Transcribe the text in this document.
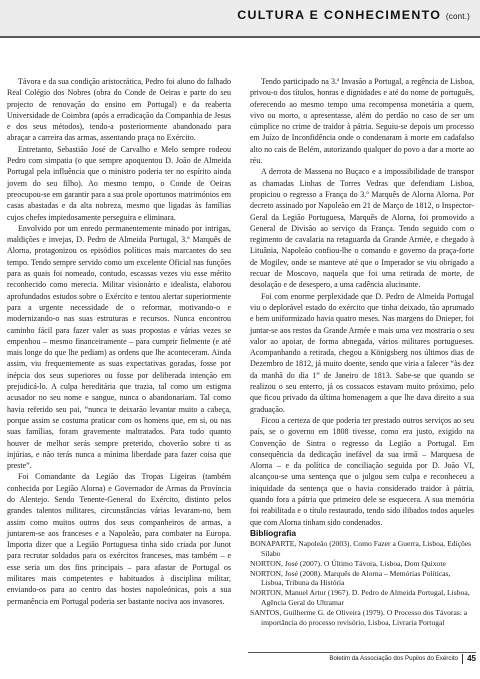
CULTURA E CONHECIMENTO (cont.)

Távora e da sua condição aristocrática, Pedro foi aluno do falhado Real Colégio dos Nobres (obra do Conde de Oeiras e parte do seu projecto de renovação do ensino em Portugal) e da reaberta Universidade de Coimbra (após a erradicação da Companhia de Jesus e dos seus métodos), tendo-a posteriormente abandonado para abraçar a carreira das armas, assentando praça no Exército.

Entretanto, Sebastião José de Carvalho e Melo sempre rodeou Pedro com simpatia (o que sempre apoquentou D. João de Almeida Portugal pela influência que o ministro poderia ter no espírito ainda jovem do seu filho). Ao mesmo tempo, o Conde de Oeiras preocupou-se em garantir para a sua prole oportunos matrimónios em casas abastadas e da alta nobreza, mesmo que ligadas às famílias cujos chefes impiedosamente perseguira e eliminara.

Envolvido por um enredo permanentemente minado por intrigas, maldições e invejas, D. Pedro de Almeida Portugal, 3.º Marquês de Alorna, protagonizou os episódios políticos mais marcantes do seu tempo. Tendo sempre servido como um excelente Oficial nas funções para as quais foi nomeado, contudo, escassas vezes viu esse mérito reconhecido como merecia. Militar visionário e idealista, elaborou aprofundados estudos sobre o Exército e tentou alertar superiormente para a urgente necessidade de o reformar, motivando-o e modernizando-o nas suas estruturas e recursos. Nunca encontrou caminho fácil para fazer valer as suas propostas e várias vezes se empenhou – mesmo financeiramente – para cumprir fielmente (e até mais longe do que lhe pediam) as ordens que lhe aconteceram. Ainda assim, viu frequentemente as suas expectativas goradas, fosse por inépcia dos seus superiores ou fosse por deliberada intenção em prejudicá-lo. A culpa hereditária que trazia, tal como um estigma acusador no seu nome e sangue, nunca o abandonariam. Tal como havia referido seu pai, “nunca te deixarão levantar muito a cabeça, porque assim se costuma praticar com os homens que, em si, ou nas suas famílias, foram gravemente maltratados. Para tudo quanto houver de melhor serás sempre preterido, choverão sobre ti as injúrias, e não terás nunca a mínima liberdade para fazer coisa que preste”.

Foi Comandante da Legião das Tropas Ligeiras (também conhecida por Legião Alorna) e Governador de Armas da Província do Alentejo. Sendo Tenente-General do Exército, distinto pelos grandes talentos militares, circunstâncias várias levaram-no, bem assim como muitos outros dos seus companheiros de armas, a juntarem-se aos franceses e a Napoleão, para combater na Europa. Importa dizer que a Legião Portuguesa tinha sido criada por Junot para recrutar soldados para os exércitos franceses, mas também – e esse seria um dos fins principais – para afastar de Portugal os militares mais competentes e habituados à disciplina militar, enviando-os para ao centro das hostes napoleónicas, pois a sua permanência em Portugal poderia ser bastante nociva aos invasores.

Tendo participado na 3.ª Invasão a Portugal, a regência de Lisboa, privou-o dos títulos, honras e dignidades e até do nome de português, oferecendo ao mesmo tempo uma recompensa monetária a quem, vivo ou morto, o apresentasse, além do perdão no caso de ser um cúmplice no crime de traidor à pátria. Seguiu-se depois um processo em Juízo de Inconfidência onde o condenaram à morte em cadafalso alto no cais de Belém, autorizando qualquer do povo a dar a morte ao réu.

A derrota de Massena no Buçaco e a impossibilidade de transpor as chamadas Linhas de Torres Vedras que defendiam Lisboa, propiciou o regresso a França do 3.º Marquês de Alorna Alorna. Por decreto assinado por Napoleão em 21 de Março de 1812, o Inspector-Geral da Legião Portuguesa, Marquês de Alorna, foi promovido a General de Divisão ao serviço da França. Tendo seguido com o regimento de cavalaria na retaguarda da Grande Armée, e chegado à Lituânia, Napoleão confiou-lhe o comando e governo da praça-forte de Mogilev, onde se manteve até que o Imperador se viu obrigado a recuar de Moscovo, naquela que foi uma retirada de morte, de desolação e de desespero, a uma cadência alucinante.

Foi com enorme perplexidade que D. Pedro de Almeida Portugal viu o deplorável estado do exército que tinha deixado, tão aprumado e bem uniformizado havia quatro meses. Nas margens do Dnieper, foi juntar-se aos restos da Grande Armée e mais uma vez mostraria o seu valor ao apoiar, de forma abnegada, vários militares portugueses. Acompanhando a retirada, chegou a Königsberg nos últimos dias de Dezembro de 1812, já muito doente, sendo que viria a falecer “às dez da manhã do dia 1” de Janeiro de 1813. Sabe-se que quando se realizou o seu enterro, já os cossacos estavam muito próximo, pelo que ficou privado da última homenagem a que lhe dava direito a sua graduação.

Ficou a certeza de que poderia ter prestado outros serviços ao seu país, se o governo em 1808 tivesse, como era justo, exigido na Convenção de Sintra o regresso da Legião a Portugal. Em consequência da dedicação inefável da sua irmã – Marquesa de Alorna – e da política de conciliação seguida por D. João VI, alcançou-se uma sentença que o julgou sem culpa e reconheceu a iniquidade da sentença que o havia considerado traidor à pátria, quando fora a pátria que primeiro dele se esquecera. A sua memória foi reabilitada e o título restaurado, tendo sido ilibados todos aqueles que com Alorna tinham sido condenados.

Bibliografia

BONAPARTE, Napoleão (2003). Como Fazer a Guerra, Lisboa, Edições Sílabo

NORTON, José (2007). O Último Távora, Lisboa, Dom Quixote

NORTON, José (2008). Marquês de Alorna – Memórias Políticas, Lisboa, Tribuna da História

NORTON, Manuel Artur (1967). D. Pedro de Almeida Portugal, Lisboa, Agência Geral do Ultramar

SANTOS, Guilherme G. de Oliveira (1979). O Processo dos Távoras: a importância do processo revisório, Lisboa, Livraria Portugal

Boletim da Associação dos Pupilos do Exército 45
